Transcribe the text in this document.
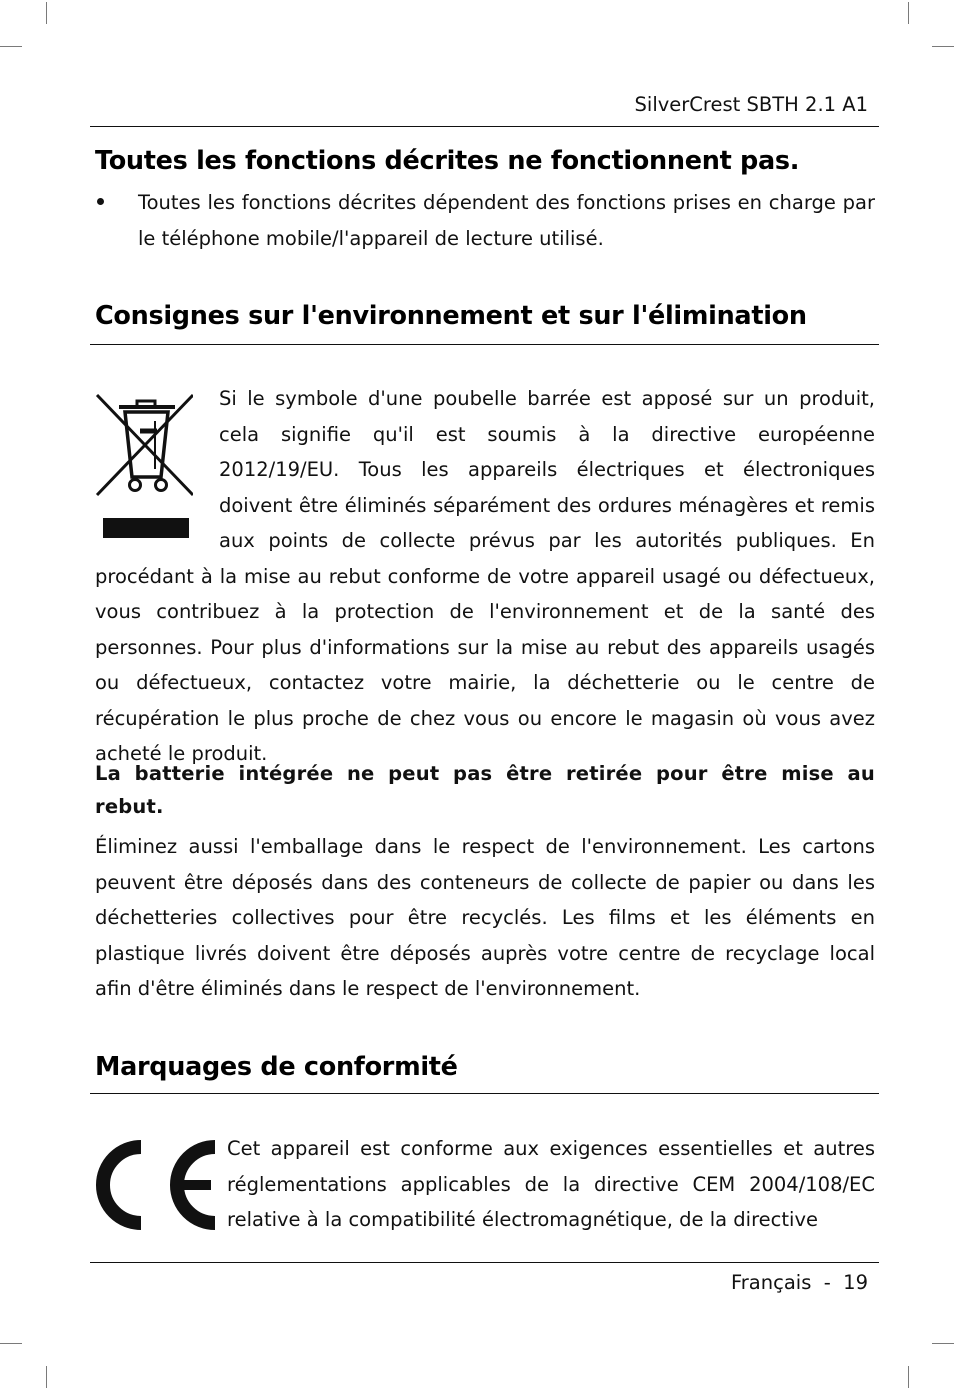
SilverCrest SBTH 2.1 A1
Toutes les fonctions décrites ne fonctionnent pas.

Toutes les fonctions décrites dépendent des fonctions prises en charge par le téléphone mobile/l'appareil de lecture utilisé.

Consignes sur l'environnement et sur l'élimination
Si le symbole d'une poubelle barrée est apposé sur un produit, cela signifie qu'il est soumis à la directive européenne 2012/19/EU. Tous les appareils électriques et électroniques doivent être éliminés séparément des ordures ménagères et remis aux points de collecte prévus par les autorités publiques. En procédant à la mise au rebut conforme de votre appareil usagé ou défectueux, vous contribuez à la protection de l'environnement et de la santé des personnes. Pour plus d'informations sur la mise au rebut des appareils usagés ou défectueux, contactez votre mairie, la déchetterie ou le centre de récupération le plus proche de chez vous ou encore le magasin où vous avez acheté le produit.

La batterie intégrée ne peut pas être retirée pour être mise au rebut.

Éliminez aussi l'emballage dans le respect de l'environnement. Les cartons peuvent être déposés dans des conteneurs de collecte de papier ou dans les déchetteries collectives pour être recyclés. Les films et les éléments en plastique livrés doivent être déposés auprès votre centre de recyclage local afin d'être éliminés dans le respect de l'environnement.

Marquages de conformité
Cet appareil est conforme aux exigences essentielles et autres réglementations applicables de la directive CEM 2004/108/EC relative à la compatibilité électromagnétique, de la directive
Français  -  19
